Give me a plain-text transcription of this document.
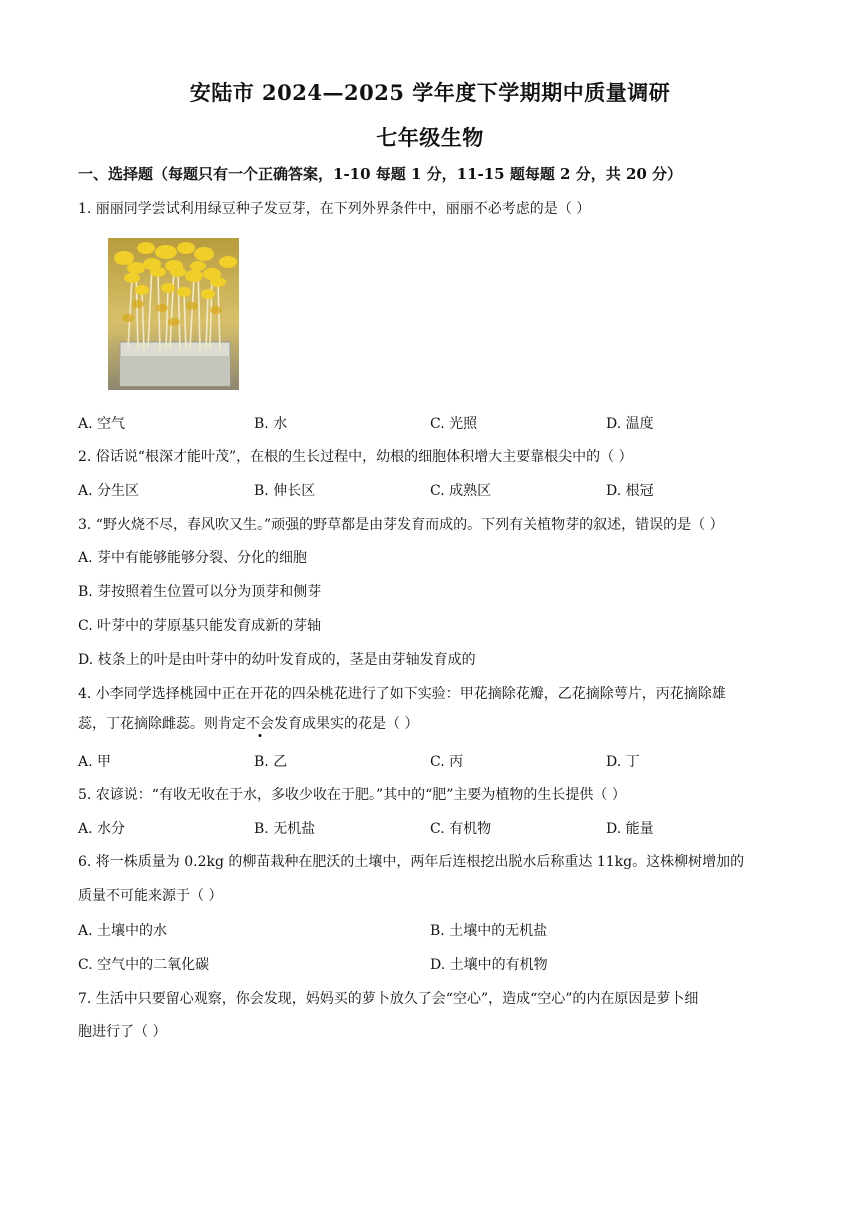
安陆市 2024—2025 学年度下学期期中质量调研
七年级生物
一、选择题（每题只有一个正确答案，1-10 每题 1 分，11-15 题每题 2 分，共 20 分）
1. 丽丽同学尝试利用绿豆种子发豆芽，在下列外界条件中，丽丽不必考虑的是（ ）
A. 空气	B. 水	C. 光照	D. 温度
2. 俗话说“根深才能叶茂”，在根的生长过程中，幼根的细胞体积增大主要靠根尖中的（ ）
A. 分生区	B. 伸长区	C. 成熟区	D. 根冠
3. “野火烧不尽，春风吹又生。”顽强的野草都是由芽发育而成的。下列有关植物芽的叙述，错误的是（ ）
A. 芽中有能够能够分裂、分化的细胞
B. 芽按照着生位置可以分为顶芽和侧芽
C. 叶芽中的芽原基只能发育成新的芽轴
D. 枝条上的叶是由叶芽中的幼叶发育成的，茎是由芽轴发育成的
4. 小李同学选择桃园中正在开花的四朵桃花进行了如下实验：甲花摘除花瓣，乙花摘除萼片，丙花摘除雄
蕊，丁花摘除雌蕊。则肯定不会发育成果实的花是（ ）
A. 甲	B. 乙	C. 丙	D. 丁
5. 农谚说：“有收无收在于水，多收少收在于肥。”其中的“肥”主要为植物的生长提供（ ）
A. 水分	B. 无机盐	C. 有机物	D. 能量
6. 将一株质量为 0.2kg 的柳苗栽种在肥沃的土壤中，两年后连根挖出脱水后称重达 11kg。这株柳树增加的
质量不可能来源于（ ）
A. 土壤中的水	B. 土壤中的无机盐
C. 空气中的二氧化碳	D. 土壤中的有机物
7. 生活中只要留心观察，你会发现，妈妈买的萝卜放久了会“空心”，造成“空心”的内在原因是萝卜细
胞进行了（ ）
